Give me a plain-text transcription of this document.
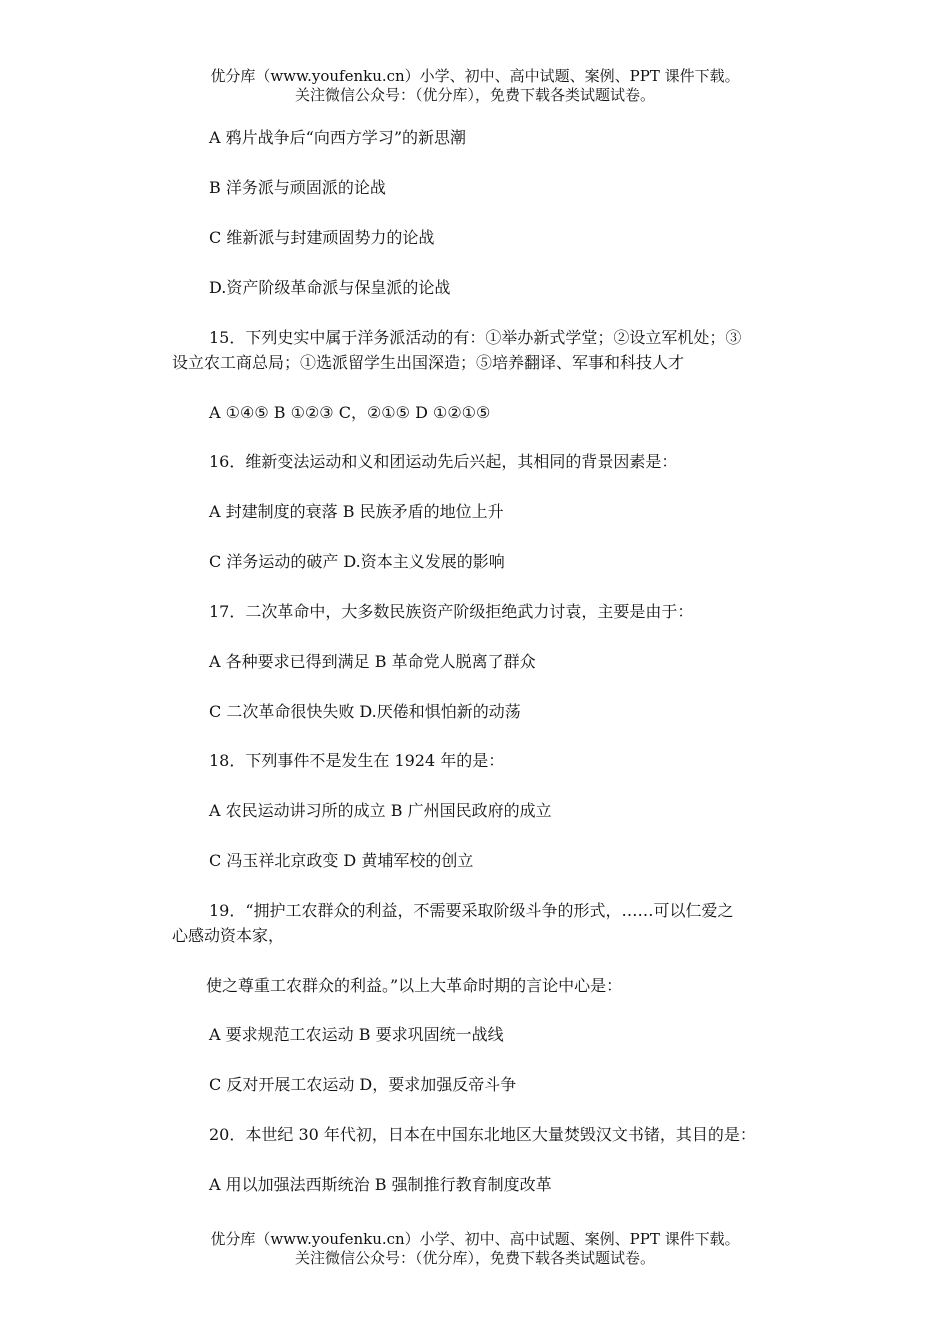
优分库（www.youfenku.cn）小学、初中、高中试题、案例、PPT 课件下载。
关注微信公众号：（优分库），免费下载各类试题试卷。
A 鸦片战争后“向西方学习”的新思潮
B 洋务派与顽固派的论战
C 维新派与封建顽固势力的论战
D.资产阶级革命派与保皇派的论战
15．下列史实中属于洋务派活动的有：①举办新式学堂；②设立军机处；③
设立农工商总局；①选派留学生出国深造；⑤培养翻译、军事和科技人才
A ①④⑤ B ①②③ C，②①⑤ D ①②①⑤
16．维新变法运动和义和团运动先后兴起，其相同的背景因素是：
A 封建制度的衰落 B 民族矛盾的地位上升
C 洋务运动的破产 D.资本主义发展的影响
17．二次革命中，大多数民族资产阶级拒绝武力讨袁，主要是由于：
A 各种要求已得到满足 B 革命党人脱离了群众
C 二次革命很快失败 D.厌倦和惧怕新的动荡
18．下列事件不是发生在 1924 年的是：
A 农民运动讲习所的成立 B 广州国民政府的成立
C 冯玉祥北京政变 D 黄埔军校的创立
19．“拥护工农群众的利益，不需要采取阶级斗争的形式，……可以仁爱之
心感动资本家，
使之尊重工农群众的利益。”以上大革命时期的言论中心是：
A 要求规范工农运动 B 要求巩固统一战线
C 反对开展工农运动 D，要求加强反帝斗争
20．本世纪 30 年代初，日本在中国东北地区大量焚毁汉文书锗，其目的是：
A 用以加强法西斯统治 B 强制推行教育制度改革
优分库（www.youfenku.cn）小学、初中、高中试题、案例、PPT 课件下载。
关注微信公众号：（优分库），免费下载各类试题试卷。
